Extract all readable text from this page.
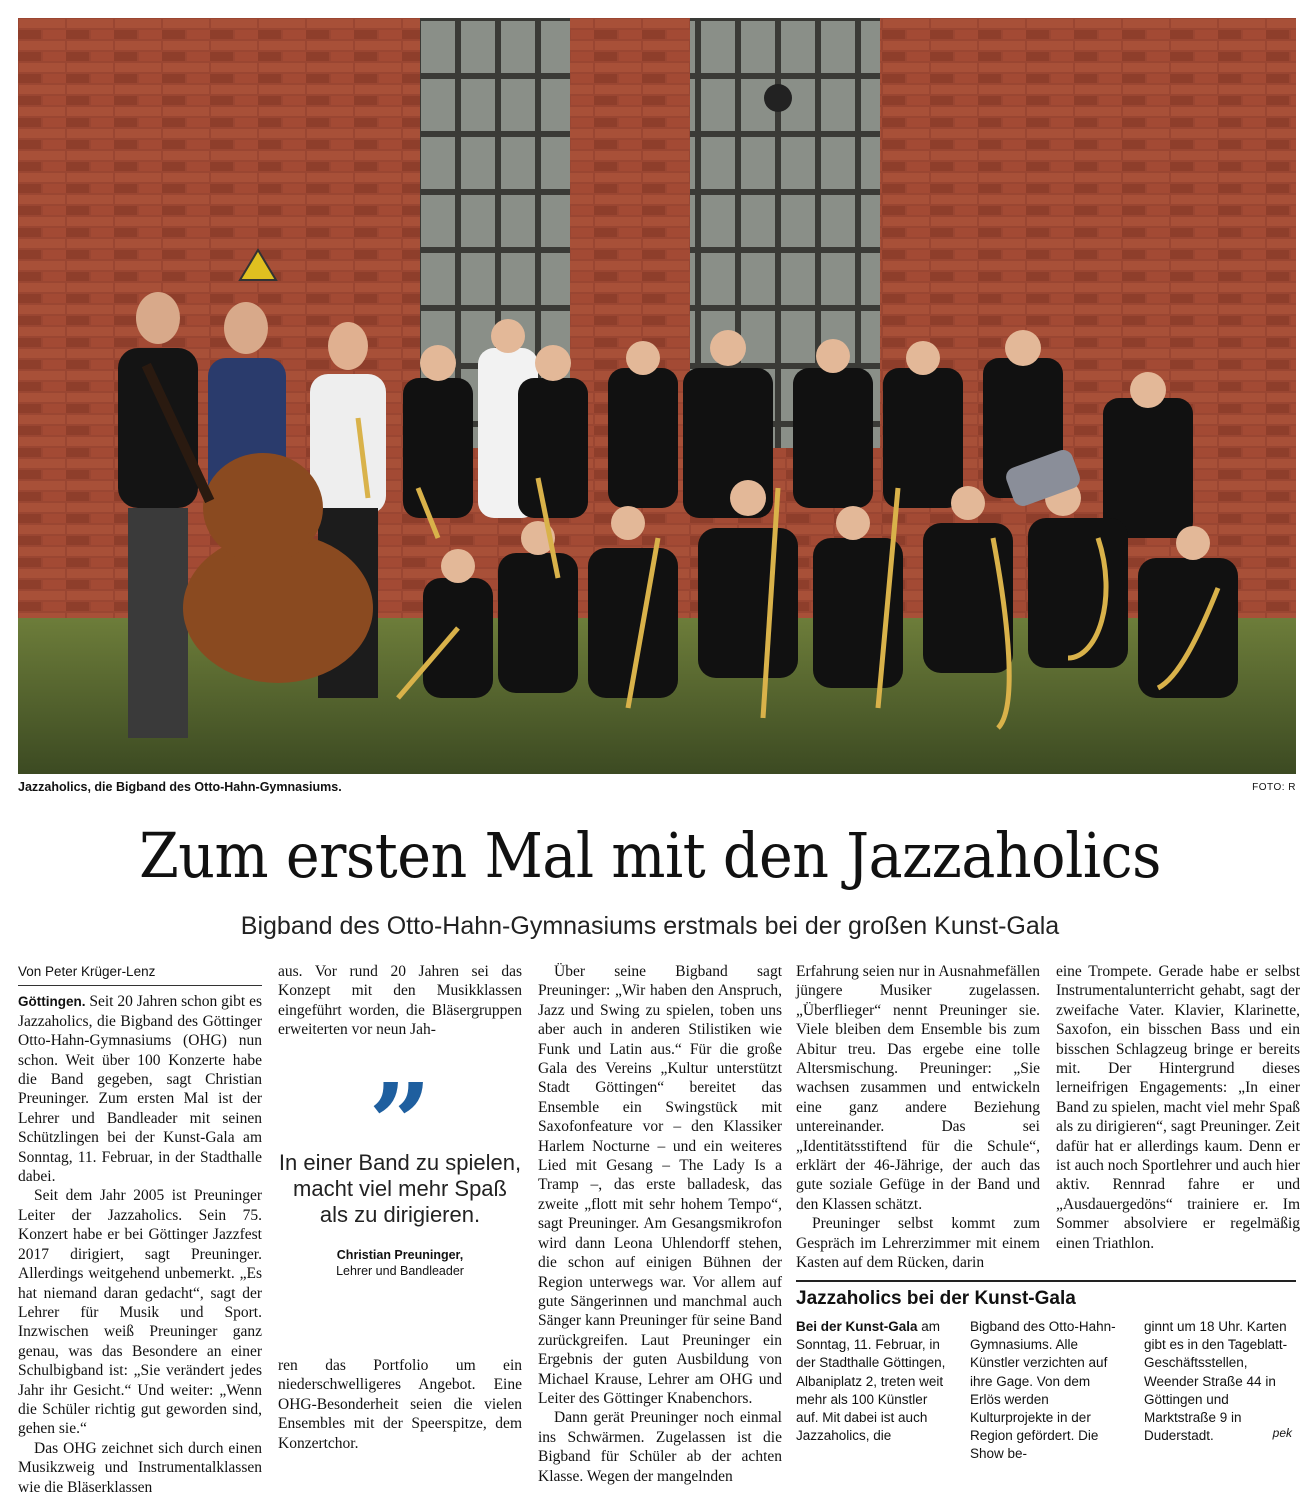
Jazzaholics, die Bigband des Otto-Hahn-Gymnasiums.	FOTO: R
Zum ersten Mal mit den Jazzaholics
Bigband des Otto-Hahn-Gymnasiums erstmals bei der großen Kunst-Gala
Von Peter Krüger-Lenz

Göttingen. Seit 20 Jahren schon gibt es Jazzaholics, die Bigband des Göttinger Otto-Hahn-Gymnasiums (OHG) nun schon. Weit über 100 Konzerte habe die Band gegeben, sagt Christian Preuninger. Zum ersten Mal ist der Lehrer und Bandleader mit seinen Schützlingen bei der Kunst-Gala am Sonntag, 11. Februar, in der Stadthalle dabei.

Seit dem Jahr 2005 ist Preuninger Leiter der Jazzaholics. Sein 75. Konzert habe er bei Göttinger Jazzfest 2017 dirigiert, sagt Preuninger. Allerdings weitgehend unbemerkt. „Es hat niemand daran gedacht“, sagt der Lehrer für Musik und Sport. Inzwischen weiß Preuninger ganz genau, was das Besondere an einer Schulbigband ist: „Sie verändert jedes Jahr ihr Gesicht.“ Und weiter: „Wenn die Schüler richtig gut geworden sind, gehen sie.“

Das OHG zeichnet sich durch einen Musikzweig und Instrumentalklassen wie die Bläserklassen

aus. Vor rund 20 Jahren sei das Konzept mit den Musikklassen eingeführt worden, die Bläsergruppen erweiterten vor neun Jah-

”
In einer Band zu spielen, macht viel mehr Spaß als zu dirigieren.
Christian Preuninger,
Lehrer und Bandleader

ren das Portfolio um ein niederschwelligeres Angebot. Eine OHG-Besonderheit seien die vielen Ensembles mit der Speerspitze, dem Konzertchor.

Über seine Bigband sagt Preuninger: „Wir haben den Anspruch, Jazz und Swing zu spielen, toben uns aber auch in anderen Stilistiken wie Funk und Latin aus.“ Für die große Gala des Vereins „Kultur unterstützt Stadt Göttingen“ bereitet das Ensemble ein Swingstück mit Saxofonfeature vor – den Klassiker Harlem Nocturne – und ein weiteres Lied mit Gesang – The Lady Is a Tramp –, das erste balladesk, das zweite „flott mit sehr hohem Tempo“, sagt Preuninger. Am Gesangsmikrofon wird dann Leona Uhlendorff stehen, die schon auf einigen Bühnen der Region unterwegs war. Vor allem auf gute Sängerinnen und manchmal auch Sänger kann Preuninger für seine Band zurückgreifen. Laut Preuninger ein Ergebnis der guten Ausbildung von Michael Krause, Lehrer am OHG und Leiter des Göttinger Knabenchors.

Dann gerät Preuninger noch einmal ins Schwärmen. Zugelassen ist die Bigband für Schüler ab der achten Klasse. Wegen der mangelnden

Erfahrung seien nur in Ausnahmefällen jüngere Musiker zugelassen. „Überflieger“ nennt Preuninger sie. Viele bleiben dem Ensemble bis zum Abitur treu. Das ergebe eine tolle Altersmischung. Preuninger: „Sie wachsen zusammen und entwickeln eine ganz andere Beziehung untereinander. Das sei „Identitätsstiftend für die Schule“, erklärt der 46-Jährige, der auch das gute soziale Gefüge in der Band und den Klassen schätzt.

Preuninger selbst kommt zum Gespräch im Lehrerzimmer mit einem Kasten auf dem Rücken, darin

eine Trompete. Gerade habe er selbst Instrumentalunterricht gehabt, sagt der zweifache Vater. Klavier, Klarinette, Saxofon, ein bisschen Bass und ein bisschen Schlagzeug bringe er bereits mit. Der Hintergrund dieses lerneifrigen Engagements: „In einer Band zu spielen, macht viel mehr Spaß als zu dirigieren“, sagt Preuninger. Zeit dafür hat er allerdings kaum. Denn er ist auch noch Sportlehrer und auch hier aktiv. Rennrad fahre er und „Ausdauergedöns“ trainiere er. Im Sommer absolviere er regelmäßig einen Triathlon.

Jazzaholics bei der Kunst-Gala
Bei der Kunst-Gala am Sonntag, 11. Februar, in der Stadthalle Göttingen, Albaniplatz 2, treten weit mehr als 100 Künstler auf. Mit dabei ist auch Jazzaholics, die
Bigband des Otto-Hahn-Gymnasiums. Alle Künstler verzichten auf ihre Gage. Von dem Erlös werden Kulturprojekte in der Region gefördert. Die Show be-
ginnt um 18 Uhr. Karten gibt es in den Tageblatt-Geschäftsstellen, Weender Straße 44 in Göttingen und Marktstraße 9 in Duderstadt.	pek
